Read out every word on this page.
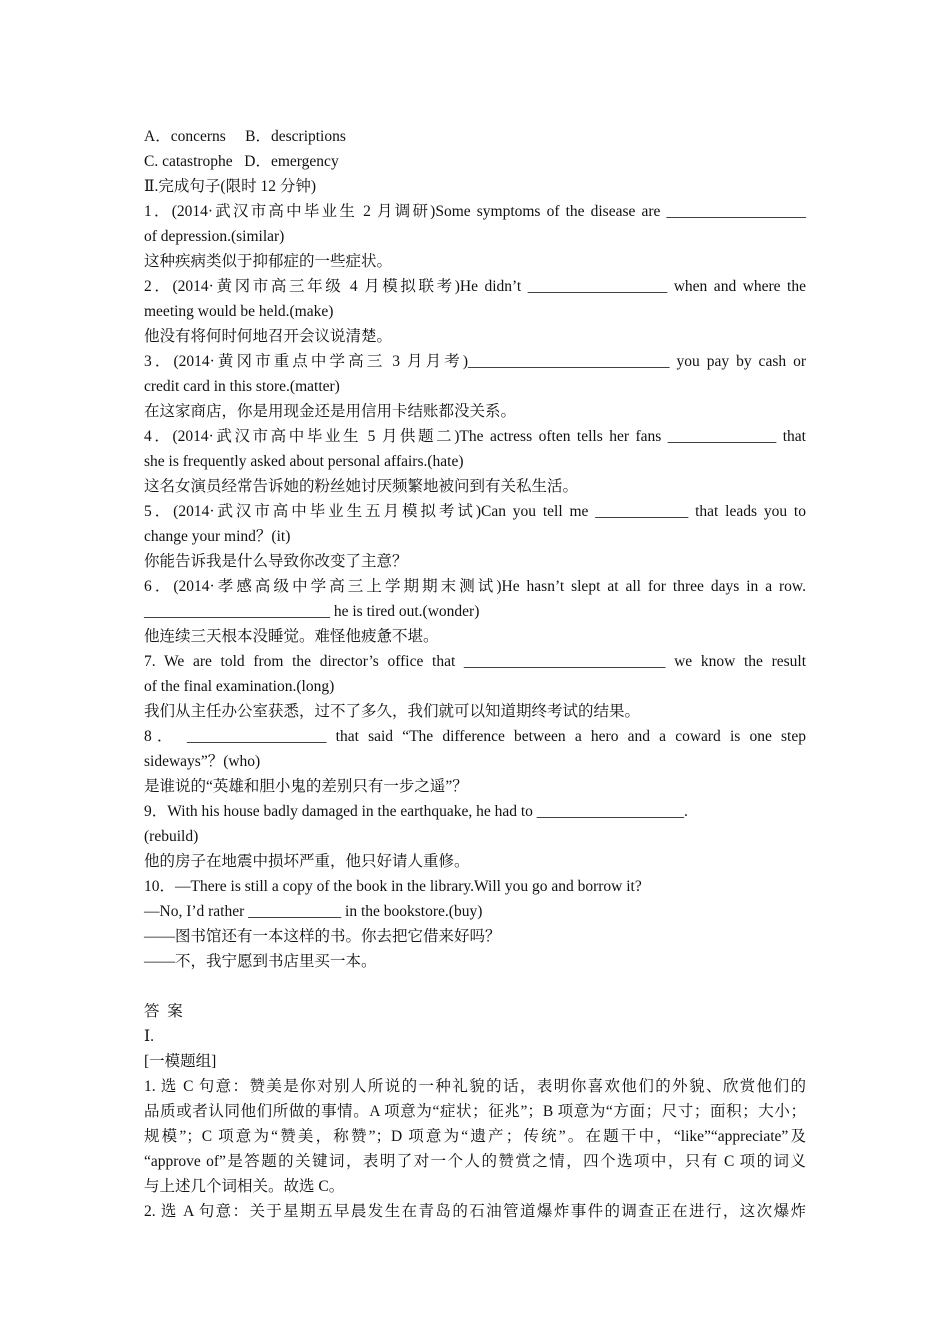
A．concerns     B．descriptions
C. catastrophe   D．emergency
Ⅱ.完成句子(限时 12 分钟)
1．(2014·武汉市高中毕业生 2 月调研)Some symptoms of the disease are __________________
of depression.(similar)
这种疾病类似于抑郁症的一些症状。
2．(2014·黄冈市高三年级 4 月模拟联考)He didn’t __________________ when and where the
meeting would be held.(make)
他没有将何时何地召开会议说清楚。
3．(2014·黄冈市重点中学高三 3 月月考)__________________________ you pay by cash or
credit card in this store.(matter)
在这家商店，你是用现金还是用信用卡结账都没关系。
4．(2014·武汉市高中毕业生 5 月供题二)The actress often tells her fans ______________ that
she is frequently asked about personal affairs.(hate)
这名女演员经常告诉她的粉丝她讨厌频繁地被问到有关私生活。
5．(2014·武汉市高中毕业生五月模拟考试)Can you tell me ____________ that leads you to
change your mind？(it)
你能告诉我是什么导致你改变了主意？
6．(2014·孝感高级中学高三上学期期末测试)He hasn’t slept at all for three days in a row.
________________________ he is tired out.(wonder)
他连续三天根本没睡觉。难怪他疲惫不堪。
7. We are told from the director’s office that __________________________ we know the result
of the final examination.(long)
我们从主任办公室获悉，过不了多久，我们就可以知道期终考试的结果。
8． __________________ that said “The difference between a hero and a coward is one step
sideways”？(who)
是谁说的“英雄和胆小鬼的差别只有一步之遥”？
9．With his house badly damaged in the earthquake, he had to ___________________.
(rebuild)
他的房子在地震中损坏严重，他只好请人重修。
10．—There is still a copy of the book in the library.Will you go and borrow it?
—No, I’d rather ____________ in the bookstore.(buy)
——图书馆还有一本这样的书。你去把它借来好吗？
——不，我宁愿到书店里买一本。
答  案
Ⅰ.
[一模题组]
1. 选 C 句意：赞美是你对别人所说的一种礼貌的话，表明你喜欢他们的外貌、欣赏他们的
品质或者认同他们所做的事情。A 项意为“症状；征兆”；B 项意为“方面；尺寸；面积；大小；
规模”；C 项意为“赞美，称赞”；D 项意为“遗产；传统”。在题干中，“like”“appreciate”及
“approve of”是答题的关键词，表明了对一个人的赞赏之情，四个选项中，只有 C 项的词义
与上述几个词相关。故选 C。
2. 选 A 句意：关于星期五早晨发生在青岛的石油管道爆炸事件的调查正在进行，这次爆炸
